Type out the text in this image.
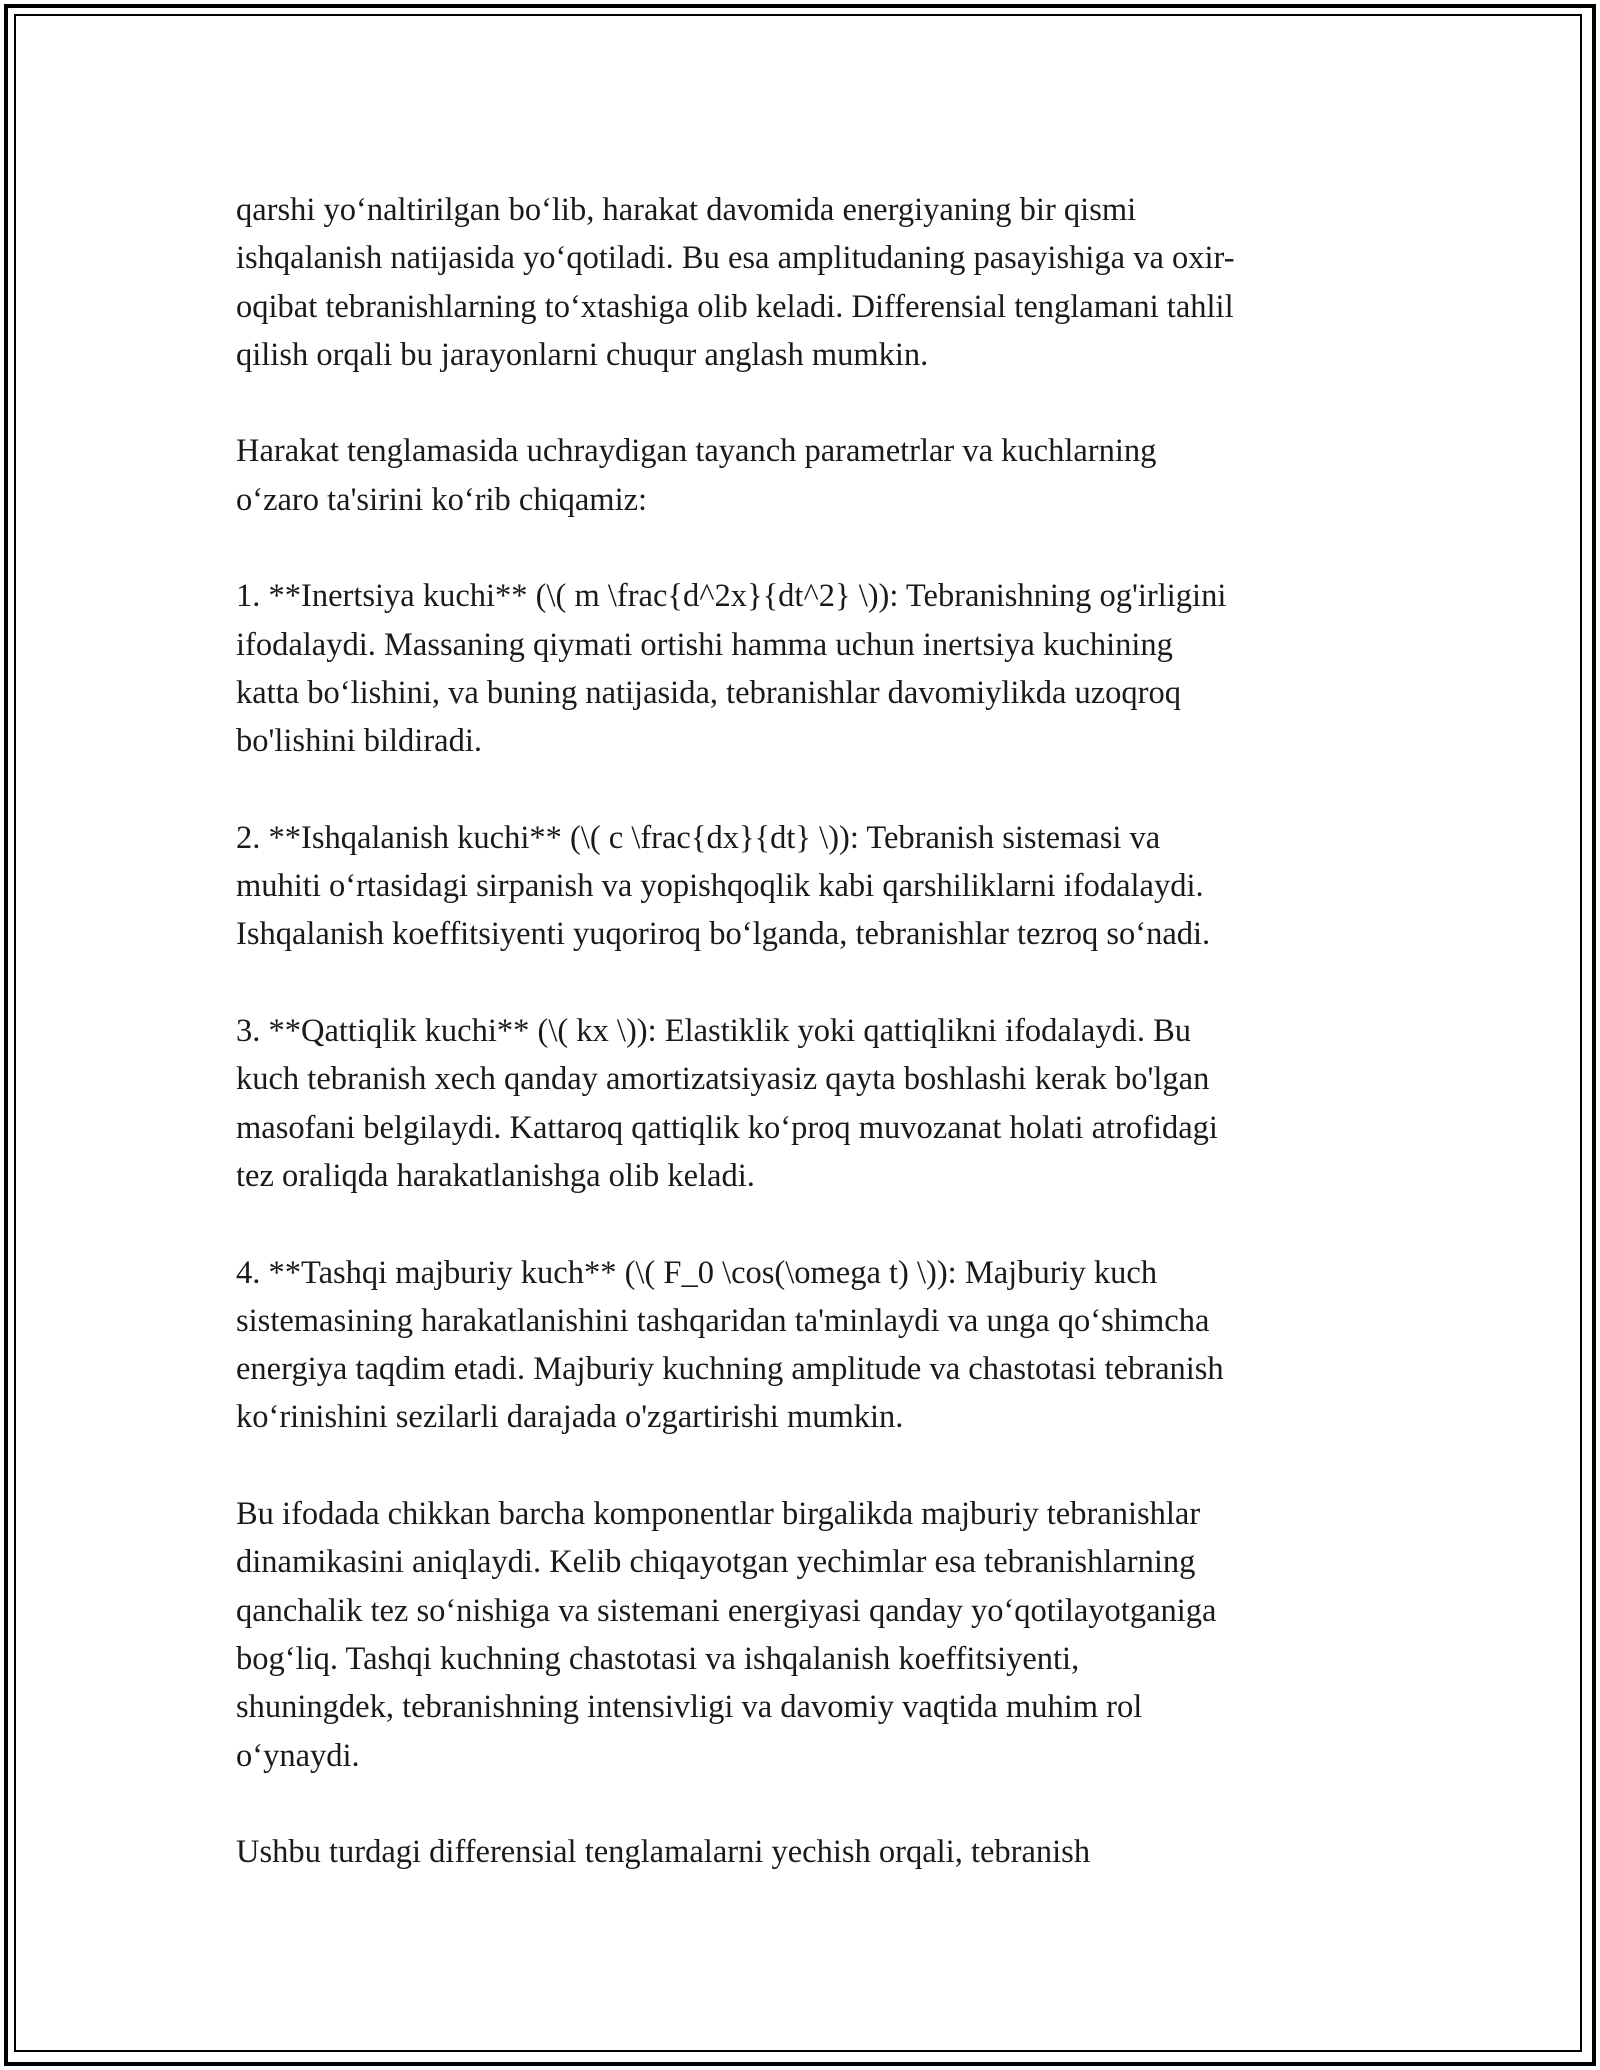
qarshi yo‘naltirilgan bo‘lib, harakat davomida energiyaning bir qismi
ishqalanish natijasida yo‘qotiladi. Bu esa amplitudaning pasayishiga va oxir-
oqibat tebranishlarning to‘xtashiga olib keladi. Differensial tenglamani tahlil
qilish orqali bu jarayonlarni chuqur anglash mumkin.

Harakat tenglamasida uchraydigan tayanch parametrlar va kuchlarning
o‘zaro ta'sirini ko‘rib chiqamiz:

1. **Inertsiya kuchi** (\( m \frac{d^2x}{dt^2} \)): Tebranishning og'irligini
ifodalaydi. Massaning qiymati ortishi hamma uchun inertsiya kuchining
katta bo‘lishini, va buning natijasida, tebranishlar davomiylikda uzoqroq
bo'lishini bildiradi.

2. **Ishqalanish kuchi** (\( c \frac{dx}{dt} \)): Tebranish sistemasi va
muhiti o‘rtasidagi sirpanish va yopishqoqlik kabi qarshiliklarni ifodalaydi.
Ishqalanish koeffitsiyenti yuqoriroq bo‘lganda, tebranishlar tezroq so‘nadi.

3. **Qattiqlik kuchi** (\( kx \)): Elastiklik yoki qattiqlikni ifodalaydi. Bu
kuch tebranish xech qanday amortizatsiyasiz qayta boshlashi kerak bo'lgan
masofani belgilaydi. Kattaroq qattiqlik ko‘proq muvozanat holati atrofidagi
tez oraliqda harakatlanishga olib keladi.

4. **Tashqi majburiy kuch** (\( F_0 \cos(\omega t) \)): Majburiy kuch
sistemasining harakatlanishini tashqaridan ta'minlaydi va unga qo‘shimcha
energiya taqdim etadi. Majburiy kuchning amplitude va chastotasi tebranish
ko‘rinishini sezilarli darajada o'zgartirishi mumkin.

Bu ifodada chikkan barcha komponentlar birgalikda majburiy tebranishlar
dinamikasini aniqlaydi. Kelib chiqayotgan yechimlar esa tebranishlarning
qanchalik tez so‘nishiga va sistemani energiyasi qanday yo‘qotilayotganiga
bog‘liq. Tashqi kuchning chastotasi va ishqalanish koeffitsiyenti,
shuningdek, tebranishning intensivligi va davomiy vaqtida muhim rol
o‘ynaydi.

Ushbu turdagi differensial tenglamalarni yechish orqali, tebranish
